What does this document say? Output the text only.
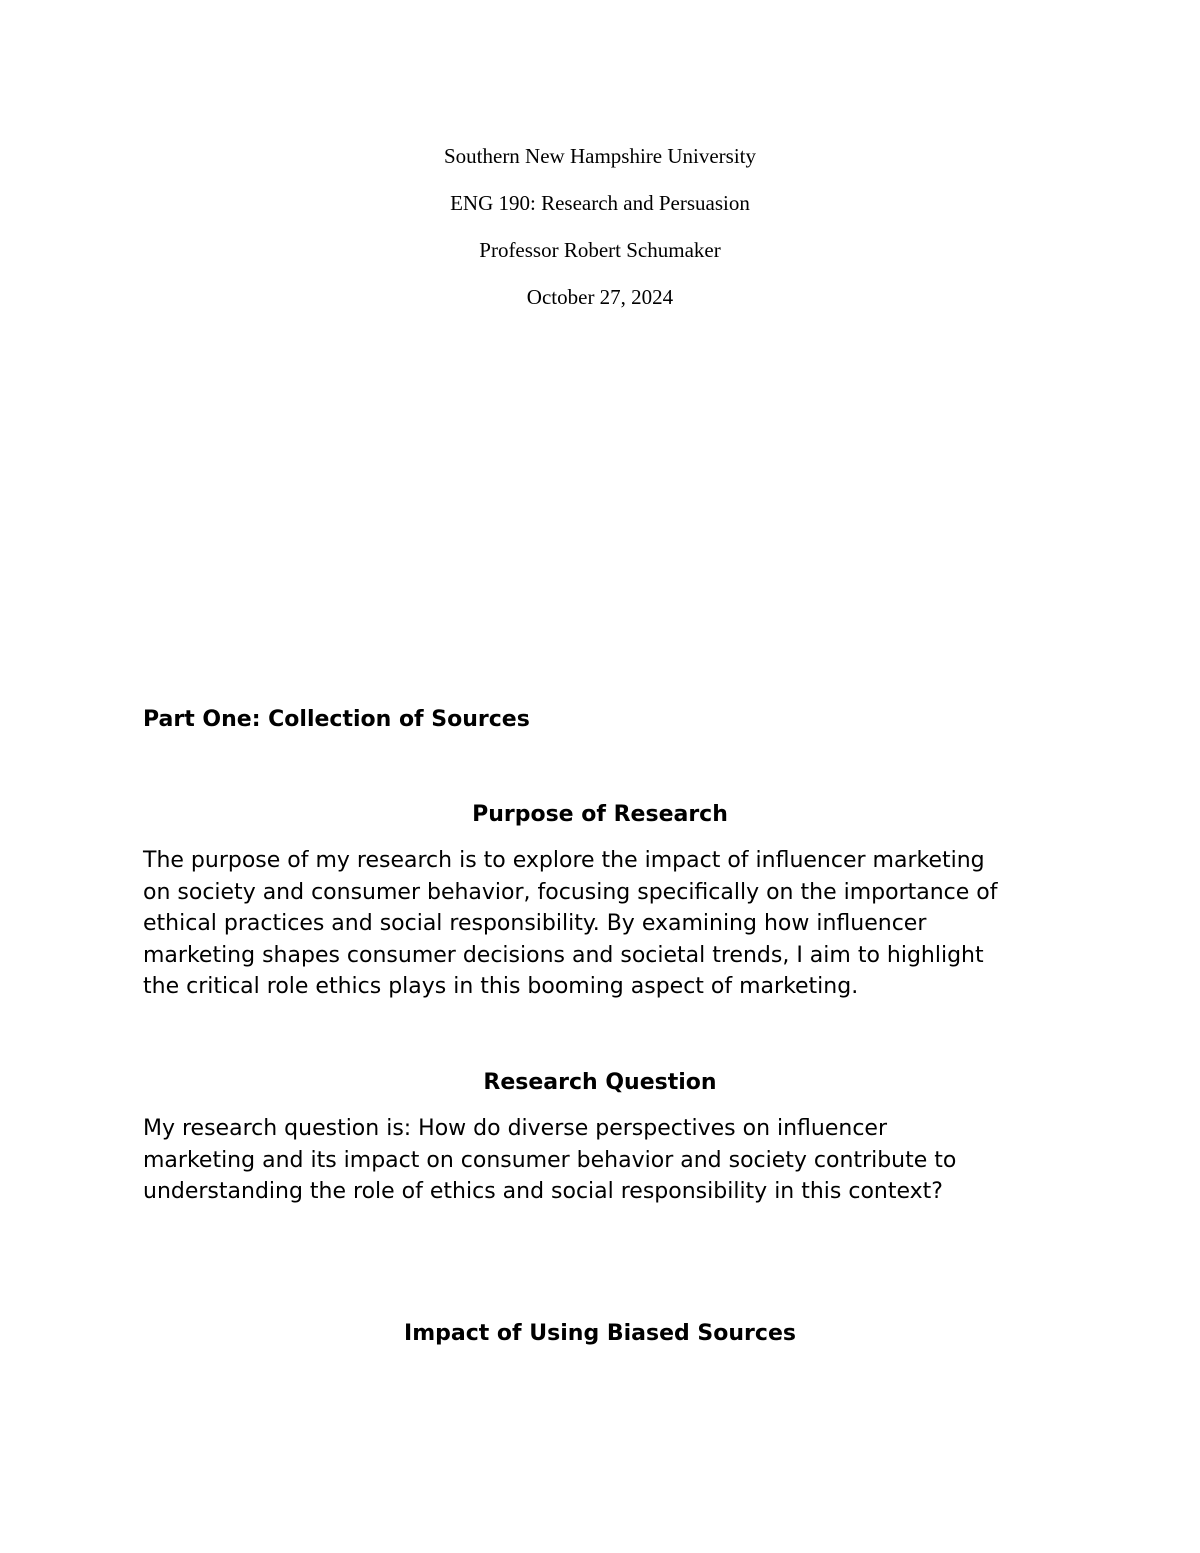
Southern New Hampshire University
ENG 190: Research and Persuasion
Professor Robert Schumaker
October 27, 2024
Part One: Collection of Sources
Purpose of Research
The purpose of my research is to explore the impact of influencer marketing
on society and consumer behavior, focusing specifically on the importance of
ethical practices and social responsibility. By examining how influencer
marketing shapes consumer decisions and societal trends, I aim to highlight
the critical role ethics plays in this booming aspect of marketing.
Research Question
My research question is: How do diverse perspectives on influencer
marketing and its impact on consumer behavior and society contribute to
understanding the role of ethics and social responsibility in this context?
Impact of Using Biased Sources
